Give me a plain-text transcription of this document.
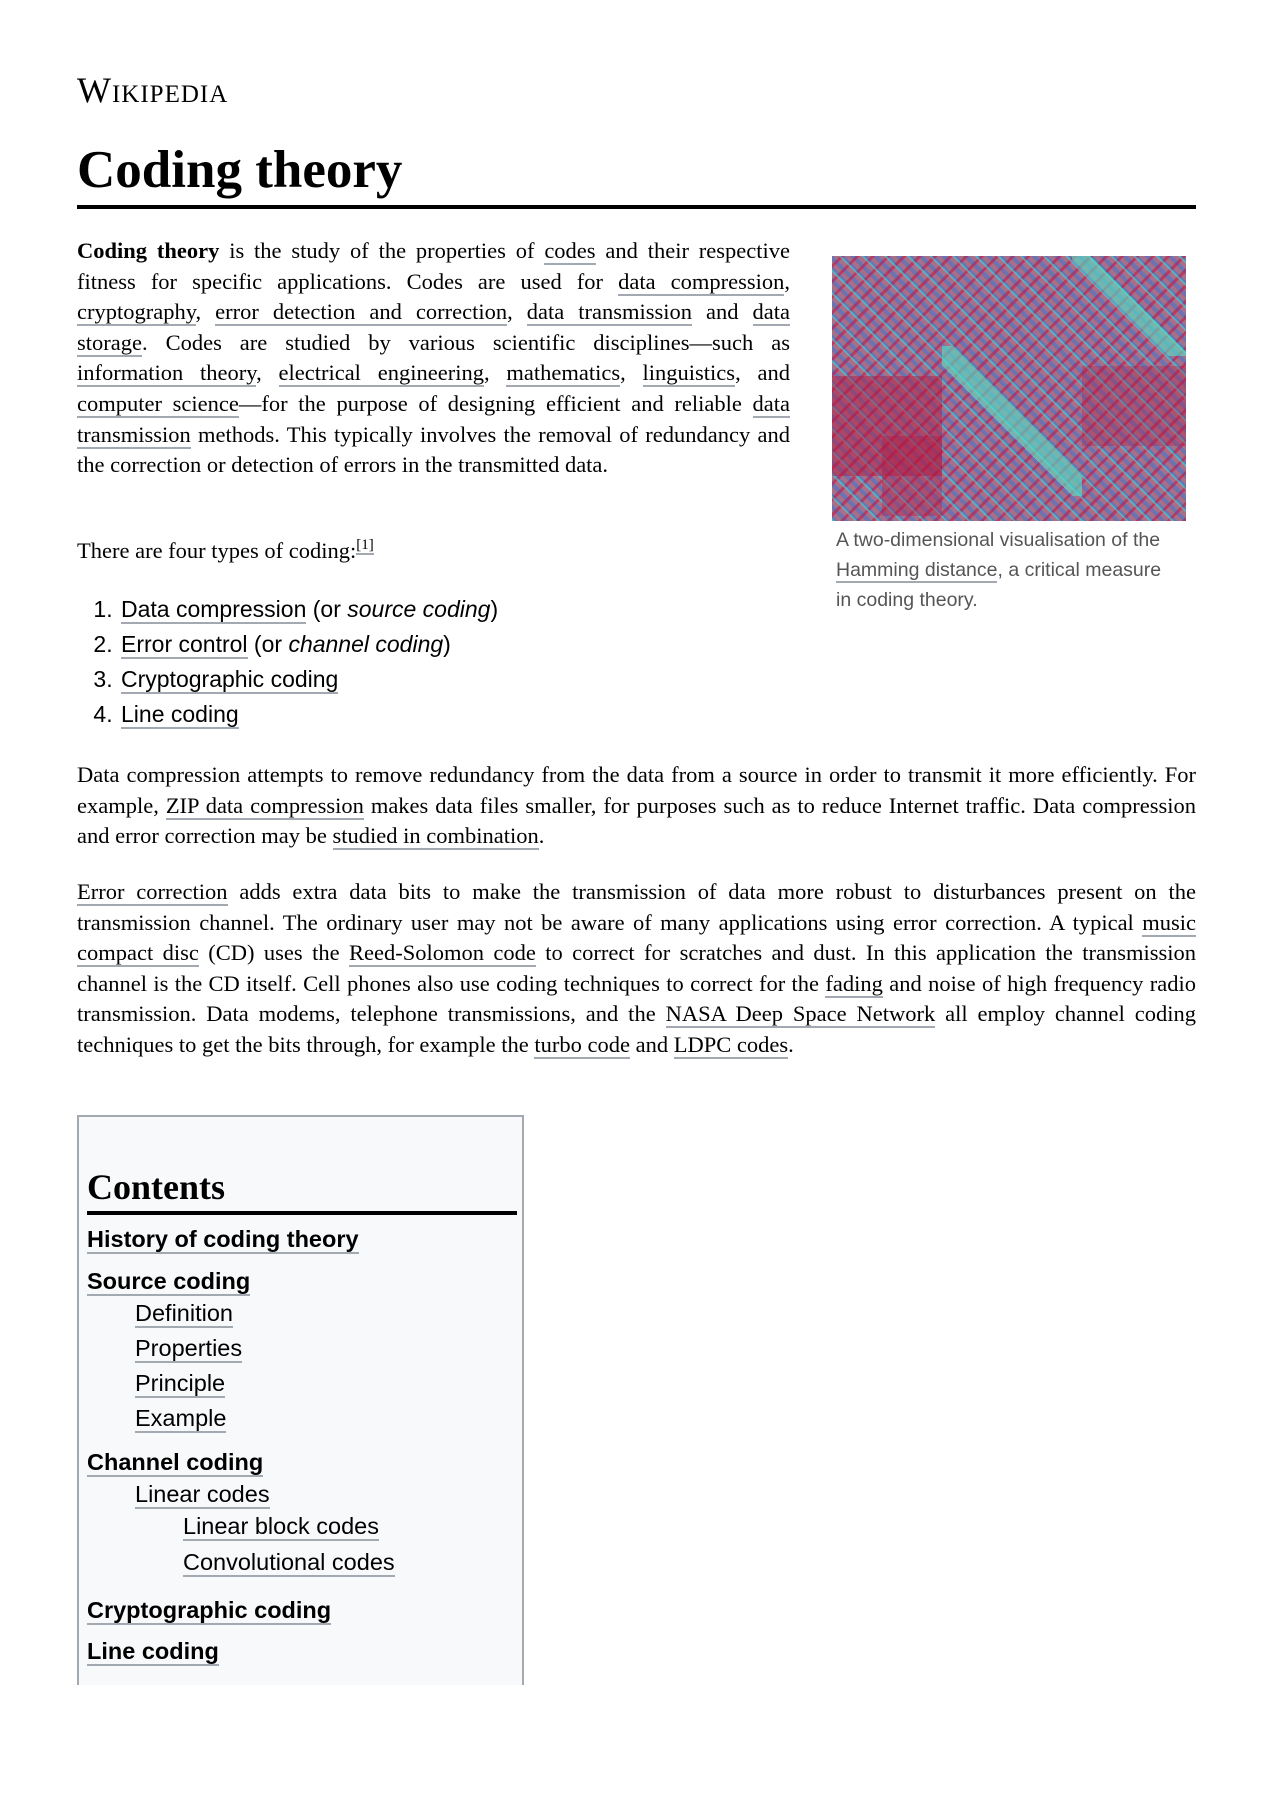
Wikipedia
Coding theory

Coding theory is the study of the properties of codes and their respective fitness for specific applications. Codes are used for data compression, cryptography, error detection and correction, data transmission and data storage. Codes are studied by various scientific disciplines—such as information theory, electrical engineering, mathematics, linguistics, and computer science—for the purpose of designing efficient and reliable data transmission methods. This typically involves the removal of redundancy and the correction or detection of errors in the transmitted data.

There are four types of coding:[1]

1. Data compression (or source coding)
2. Error control (or channel coding)
3. Cryptographic coding
4. Line coding
A two-dimensional visualisation of the Hamming distance, a critical measure in coding theory.

Data compression attempts to remove redundancy from the data from a source in order to transmit it more efficiently. For example, ZIP data compression makes data files smaller, for purposes such as to reduce Internet traffic. Data compression and error correction may be studied in combination.

Error correction adds extra data bits to make the transmission of data more robust to disturbances present on the transmission channel. The ordinary user may not be aware of many applications using error correction. A typical music compact disc (CD) uses the Reed-Solomon code to correct for scratches and dust. In this application the transmission channel is the CD itself. Cell phones also use coding techniques to correct for the fading and noise of high frequency radio transmission. Data modems, telephone transmissions, and the NASA Deep Space Network all employ channel coding techniques to get the bits through, for example the turbo code and LDPC codes.

Contents
History of coding theory
Source coding
Definition
Properties
Principle
Example
Channel coding
Linear codes
Linear block codes
Convolutional codes
Cryptographic coding
Line coding
